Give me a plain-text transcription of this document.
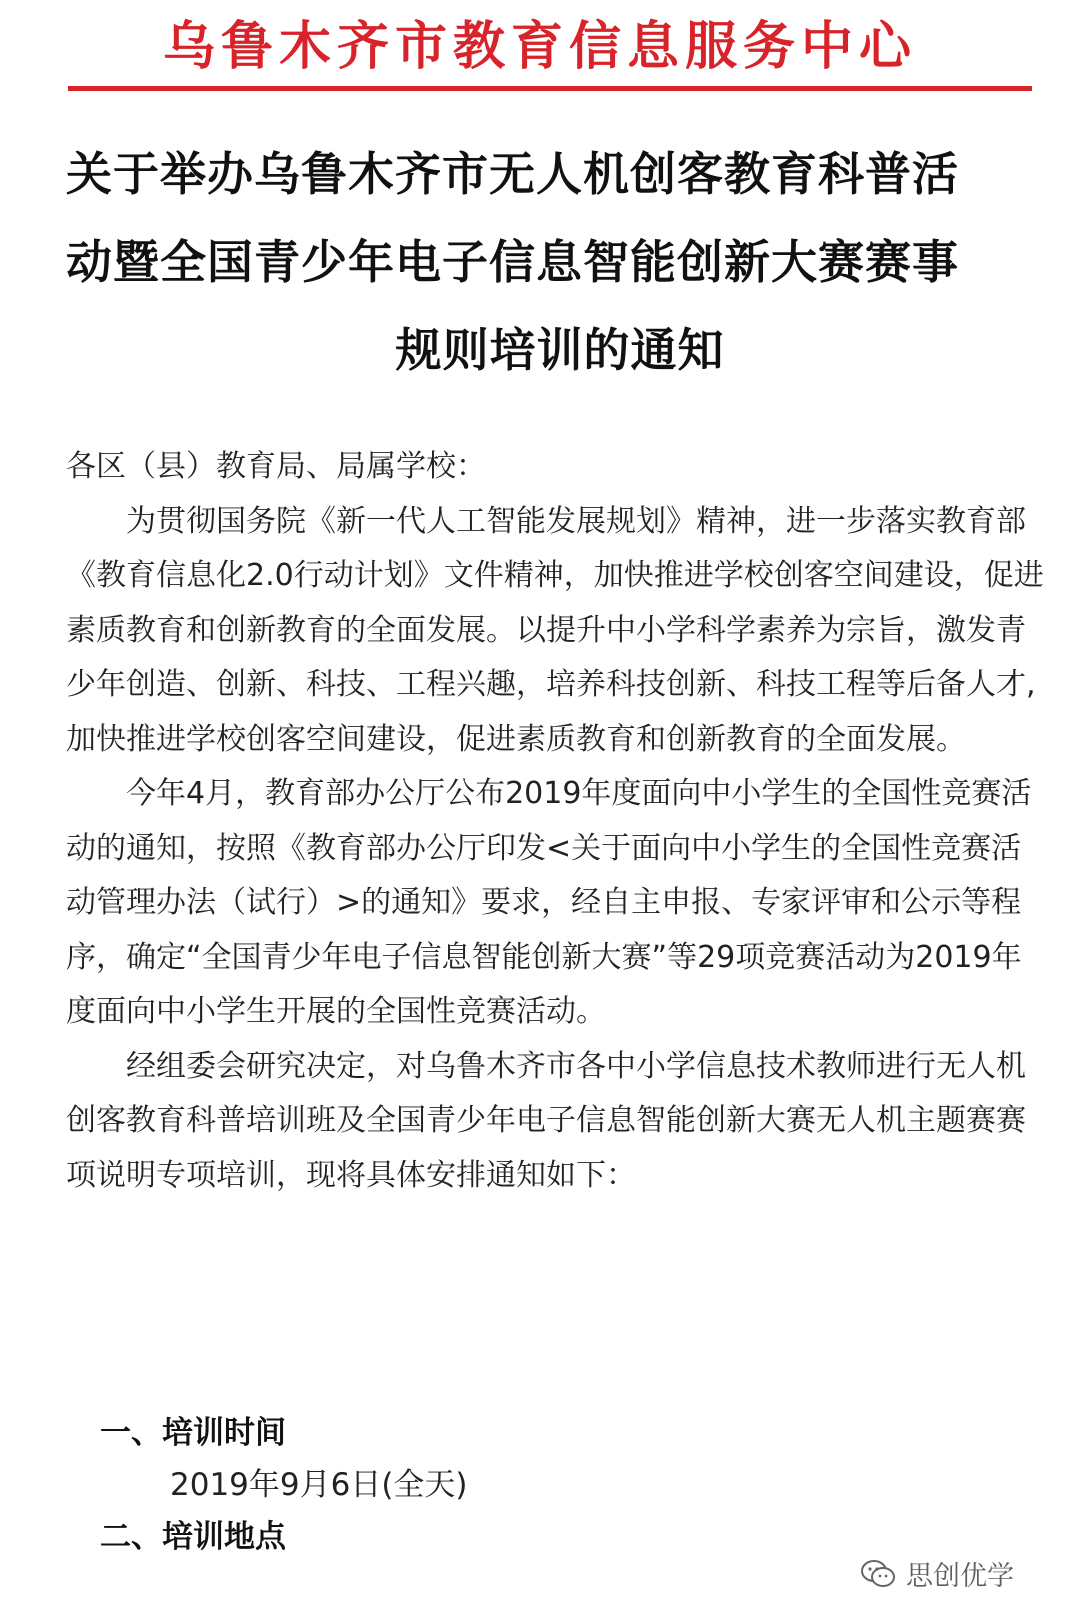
乌鲁木齐市教育信息服务中心
关于举办乌鲁木齐市无人机创客教育科普活
动暨全国青少年电子信息智能创新大赛赛事
规则培训的通知

各区（县）教育局、局属学校：

为贯彻国务院《新一代人工智能发展规划》精神，进一步落实教育部《教育信息化2.0行动计划》文件精神，加快推进学校创客空间建设，促进素质教育和创新教育的全面发展。以提升中小学科学素养为宗旨，激发青少年创造、创新、科技、工程兴趣，培养科技创新、科技工程等后备人才,加快推进学校创客空间建设，促进素质教育和创新教育的全面发展。

今年4月，教育部办公厅公布2019年度面向中小学生的全国性竞赛活动的通知，按照《教育部办公厅印发<关于面向中小学生的全国性竞赛活动管理办法（试行）>的通知》要求，经自主申报、专家评审和公示等程序，确定“全国青少年电子信息智能创新大赛”等29项竞赛活动为2019年度面向中小学生开展的全国性竞赛活动。

经组委会研究决定，对乌鲁木齐市各中小学信息技术教师进行无人机创客教育科普培训班及全国青少年电子信息智能创新大赛无人机主题赛赛项说明专项培训，现将具体安排通知如下：

一、培训时间
2019年9月6日(全天)
二、培训地点
思创优学
